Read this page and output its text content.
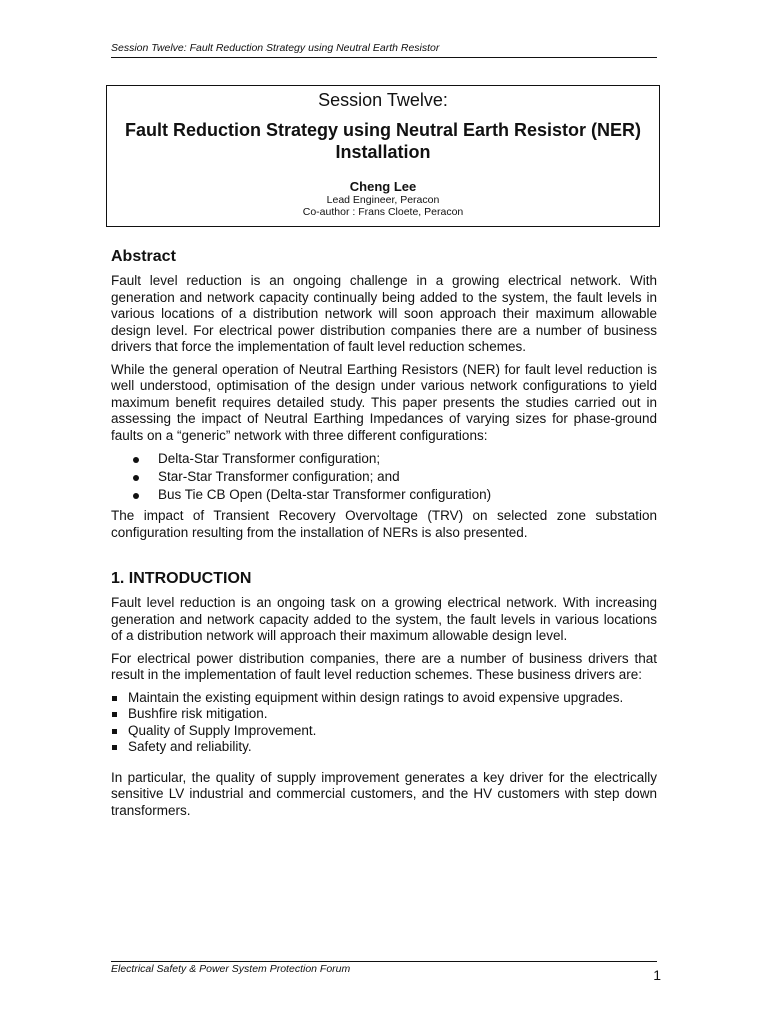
Session Twelve: Fault Reduction Strategy using Neutral Earth Resistor
Session Twelve:
Fault Reduction Strategy using Neutral Earth Resistor (NER) Installation
Cheng Lee
Lead Engineer, Peracon
Co-author : Frans Cloete, Peracon
Abstract

Fault level reduction is an ongoing challenge in a growing electrical network. With generation and network capacity continually being added to the system, the fault levels in various locations of a distribution network will soon approach their maximum allowable design level. For electrical power distribution companies there are a number of business drivers that force the implementation of fault level reduction schemes.

While the general operation of Neutral Earthing Resistors (NER) for fault level reduction is well understood, optimisation of the design under various network configurations to yield maximum benefit requires detailed study. This paper presents the studies carried out in assessing the impact of Neutral Earthing Impedances of varying sizes for phase-ground faults on a “generic” network with three different configurations:

Delta-Star Transformer configuration;
Star-Star Transformer configuration; and
Bus Tie CB Open (Delta-star Transformer configuration)

The impact of Transient Recovery Overvoltage (TRV) on selected zone substation configuration resulting from the installation of NERs is also presented.

1. INTRODUCTION

Fault level reduction is an ongoing task on a growing electrical network. With increasing generation and network capacity added to the system, the fault levels in various locations of a distribution network will approach their maximum allowable design level.

For electrical power distribution companies, there are a number of business drivers that result in the implementation of fault level reduction schemes. These business drivers are:

Maintain the existing equipment within design ratings to avoid expensive upgrades.
Bushfire risk mitigation.
Quality of Supply Improvement.
Safety and reliability.

In particular, the quality of supply improvement generates a key driver for the electrically sensitive LV industrial and commercial customers, and the HV customers with step down transformers.

Electrical Safety & Power System Protection Forum	1
